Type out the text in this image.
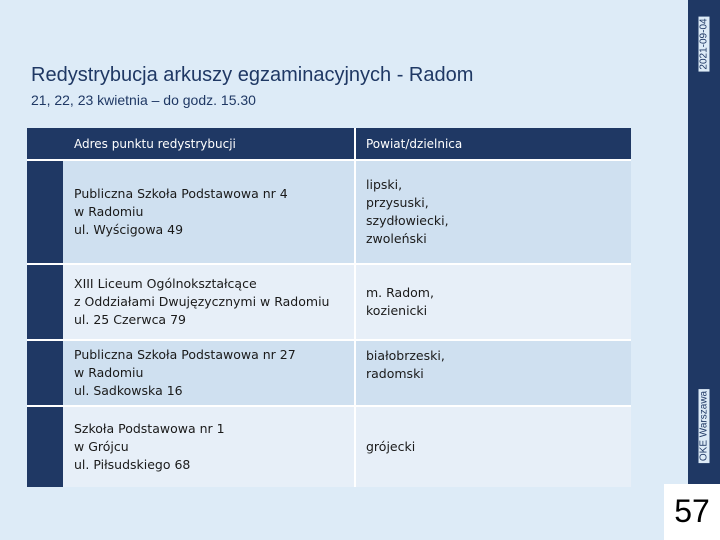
2021-09-04
OKE Warszawa
57
Redystrybucja arkuszy egzaminacyjnych - Radom
21, 22, 23 kwietnia – do godz. 15.30
	Adres punktu redystrybucji	Powiat/dzielnica

	Publiczna Szkoła Podstawowa nr 4
w Radomiu
ul. Wyścigowa 49	lipski,
przysuski,
szydłowiecki,
zwoleński

	XIII Liceum Ogólnokształcące
z Oddziałami Dwujęzycznymi w Radomiu
ul. 25 Czerwca 79	m. Radom,
kozienicki

	Publiczna Szkoła Podstawowa nr 27
w Radomiu
ul. Sadkowska 16	białobrzeski,
radomski

	Szkoła Podstawowa nr 1
w Grójcu
ul. Piłsudskiego 68	grójecki
